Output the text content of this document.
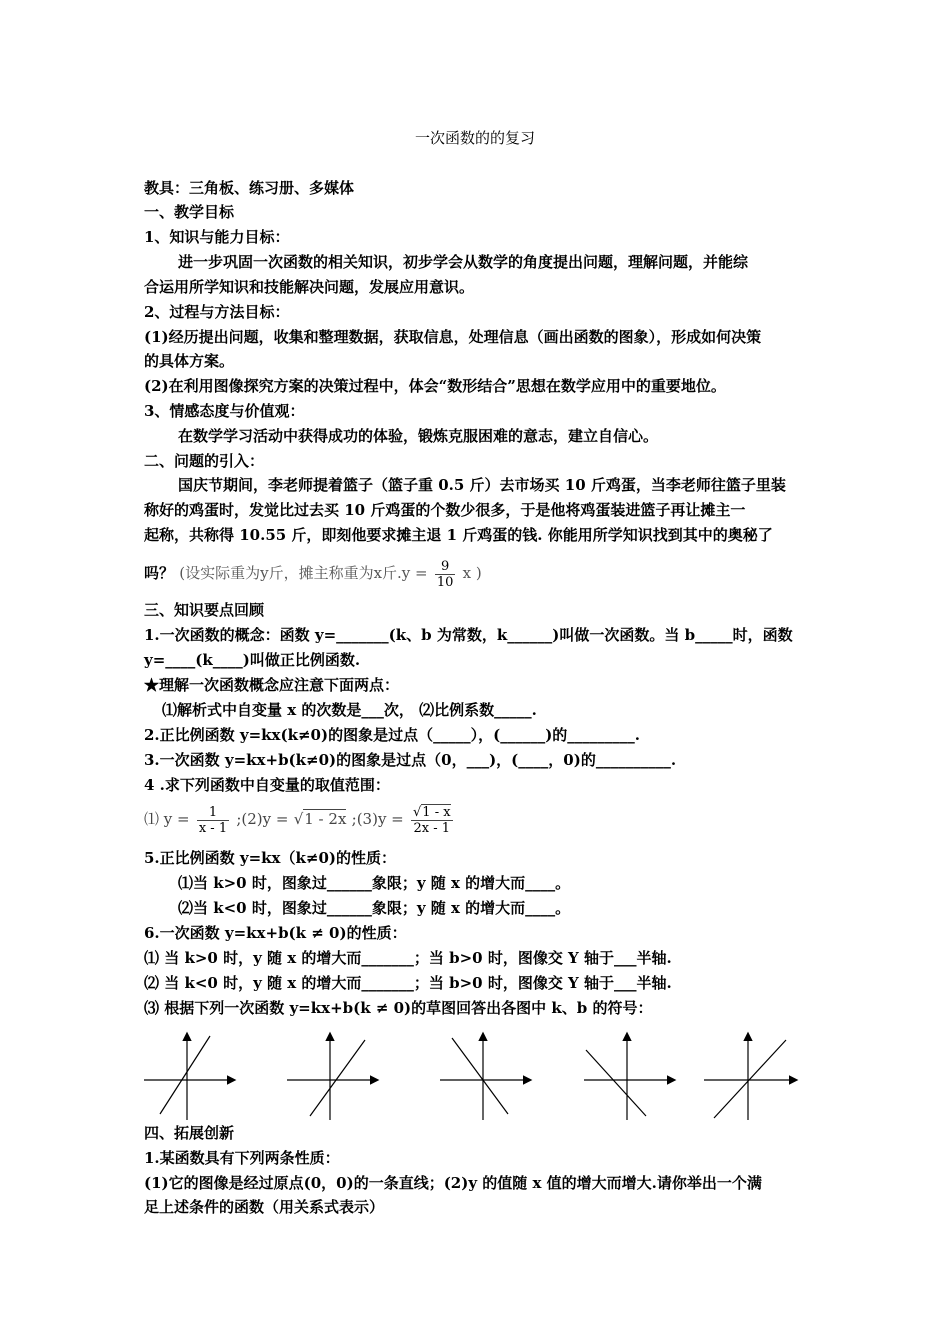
一次函数的的复习
教具：三角板、练习册、多媒体
一、教学目标
1、知识与能力目标：
进一步巩固一次函数的相关知识，初步学会从数学的角度提出问题，理解问题，并能综
合运用所学知识和技能解决问题，发展应用意识。
2、过程与方法目标：
(1)经历提出问题，收集和整理数据，获取信息，处理信息（画出函数的图象），形成如何决策
的具体方案。
(2)在利用图像探究方案的决策过程中，体会“数形结合”思想在数学应用中的重要地位。
3、情感态度与价值观：
在数学学习活动中获得成功的体验，锻炼克服困难的意志，建立自信心。
二、问题的引入：
国庆节期间，李老师提着篮子（篮子重 0.5 斤）去市场买 10 斤鸡蛋，当李老师往篮子里装
称好的鸡蛋时，发觉比过去买 10 斤鸡蛋的个数少很多，于是他将鸡蛋装进篮子再让摊主一
起称，共称得 10.55 斤，即刻他要求摊主退 1 斤鸡蛋的钱. 你能用所学知识找到其中的奥秘了
吗？ (设实际重为y斤，摊主称重为x斤$.y = \frac{9}{10}$ x )
三、知识要点回顾
1.一次函数的概念：函数 y=_______(k、b 为常数，k______)叫做一次函数。当 b_____时，函数
y=____(k____)叫做正比例函数.
★理解一次函数概念应注意下面两点：
⑴解析式中自变量 x 的次数是___次， ⑵比例系数_____.
2.正比例函数 y=kx(k≠0)的图象是过点（_____），(______)的_________.
3.一次函数 y=kx+b(k≠0)的图象是过点（0，___)，(____，0)的__________.
4 .求下列函数中自变量的取值范围：
⑴ $y = \frac{1}{x - 1}$ ;(2)y = √1 - 2x ;(3)y = $\frac{√1 - x}{2x - 1}$
5.正比例函数 y=kx（k≠0)的性质：
⑴当 k>0 时，图象过______象限；y 随 x 的增大而____。
⑵当 k<0 时，图象过______象限；y 随 x 的增大而____。
6.一次函数 y=kx+b(k ≠ 0)的性质：
⑴ 当 k>0 时，y 随 x 的增大而_______；当 b>0 时，图像交 Y 轴于___半轴.
⑵ 当 k<0 时，y 随 x 的增大而_______；当 b>0 时，图像交 Y 轴于___半轴.
⑶ 根据下列一次函数 y=kx+b(k ≠ 0)的草图回答出各图中 k、b 的符号：
四、拓展创新
1.某函数具有下列两条性质：
(1)它的图像是经过原点(0，0)的一条直线；(2)y 的值随 x 值的增大而增大.请你举出一个满
足上述条件的函数（用关系式表示）
